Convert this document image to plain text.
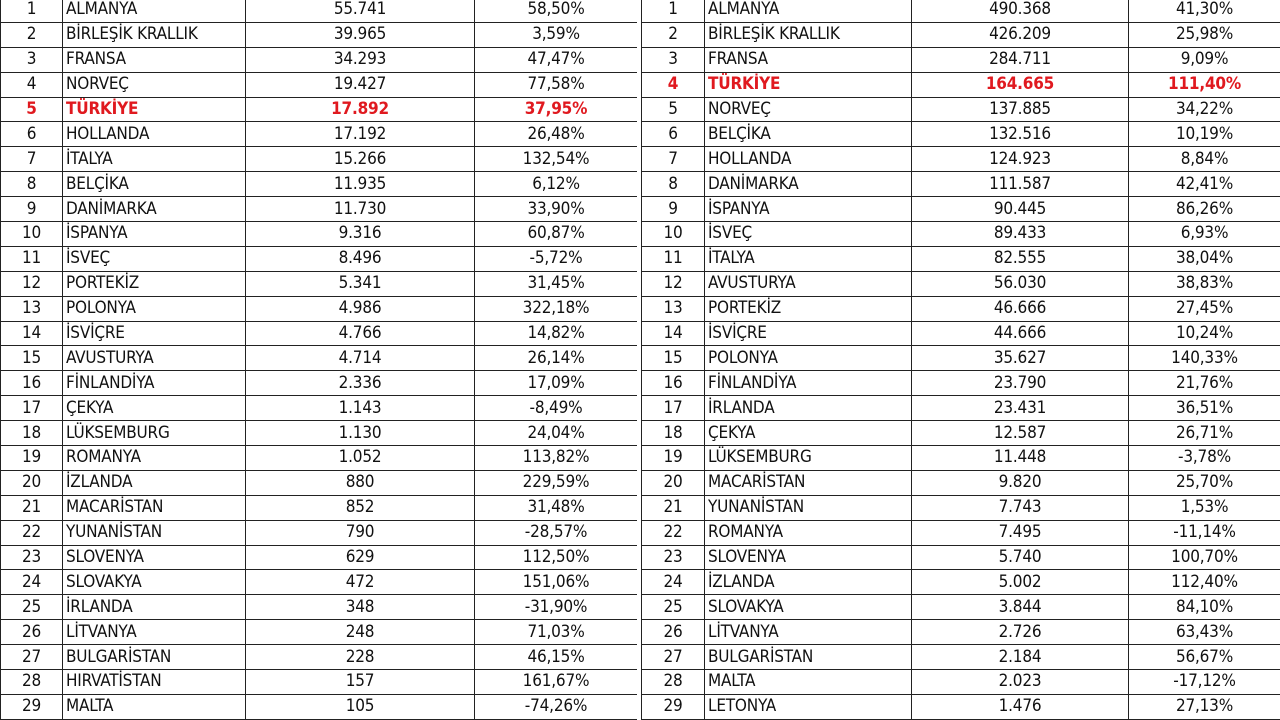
1	ALMANYA	55.741	58,50%
2	BİRLEŞİK KRALLIK	39.965	3,59%
3	FRANSA	34.293	47,47%
4	NORVEÇ	19.427	77,58%
5	TÜRKİYE	17.892	37,95%
6	HOLLANDA	17.192	26,48%
7	İTALYA	15.266	132,54%
8	BELÇİKA	11.935	6,12%
9	DANİMARKA	11.730	33,90%
10	İSPANYA	9.316	60,87%
11	İSVEÇ	8.496	-5,72%
12	PORTEKİZ	5.341	31,45%
13	POLONYA	4.986	322,18%
14	İSVİÇRE	4.766	14,82%
15	AVUSTURYA	4.714	26,14%
16	FİNLANDİYA	2.336	17,09%
17	ÇEKYA	1.143	-8,49%
18	LÜKSEMBURG	1.130	24,04%
19	ROMANYA	1.052	113,82%
20	İZLANDA	880	229,59%
21	MACARİSTAN	852	31,48%
22	YUNANİSTAN	790	-28,57%
23	SLOVENYA	629	112,50%
24	SLOVAKYA	472	151,06%
25	İRLANDA	348	-31,90%
26	LİTVANYA	248	71,03%
27	BULGARİSTAN	228	46,15%
28	HIRVATİSTAN	157	161,67%
29	MALTA	105	-74,26%
1	ALMANYA	490.368	41,30%
2	BİRLEŞİK KRALLIK	426.209	25,98%
3	FRANSA	284.711	9,09%
4	TÜRKİYE	164.665	111,40%
5	NORVEÇ	137.885	34,22%
6	BELÇİKA	132.516	10,19%
7	HOLLANDA	124.923	8,84%
8	DANİMARKA	111.587	42,41%
9	İSPANYA	90.445	86,26%
10	İSVEÇ	89.433	6,93%
11	İTALYA	82.555	38,04%
12	AVUSTURYA	56.030	38,83%
13	PORTEKİZ	46.666	27,45%
14	İSVİÇRE	44.666	10,24%
15	POLONYA	35.627	140,33%
16	FİNLANDİYA	23.790	21,76%
17	İRLANDA	23.431	36,51%
18	ÇEKYA	12.587	26,71%
19	LÜKSEMBURG	11.448	-3,78%
20	MACARİSTAN	9.820	25,70%
21	YUNANİSTAN	7.743	1,53%
22	ROMANYA	7.495	-11,14%
23	SLOVENYA	5.740	100,70%
24	İZLANDA	5.002	112,40%
25	SLOVAKYA	3.844	84,10%
26	LİTVANYA	2.726	63,43%
27	BULGARİSTAN	2.184	56,67%
28	MALTA	2.023	-17,12%
29	LETONYA	1.476	27,13%
